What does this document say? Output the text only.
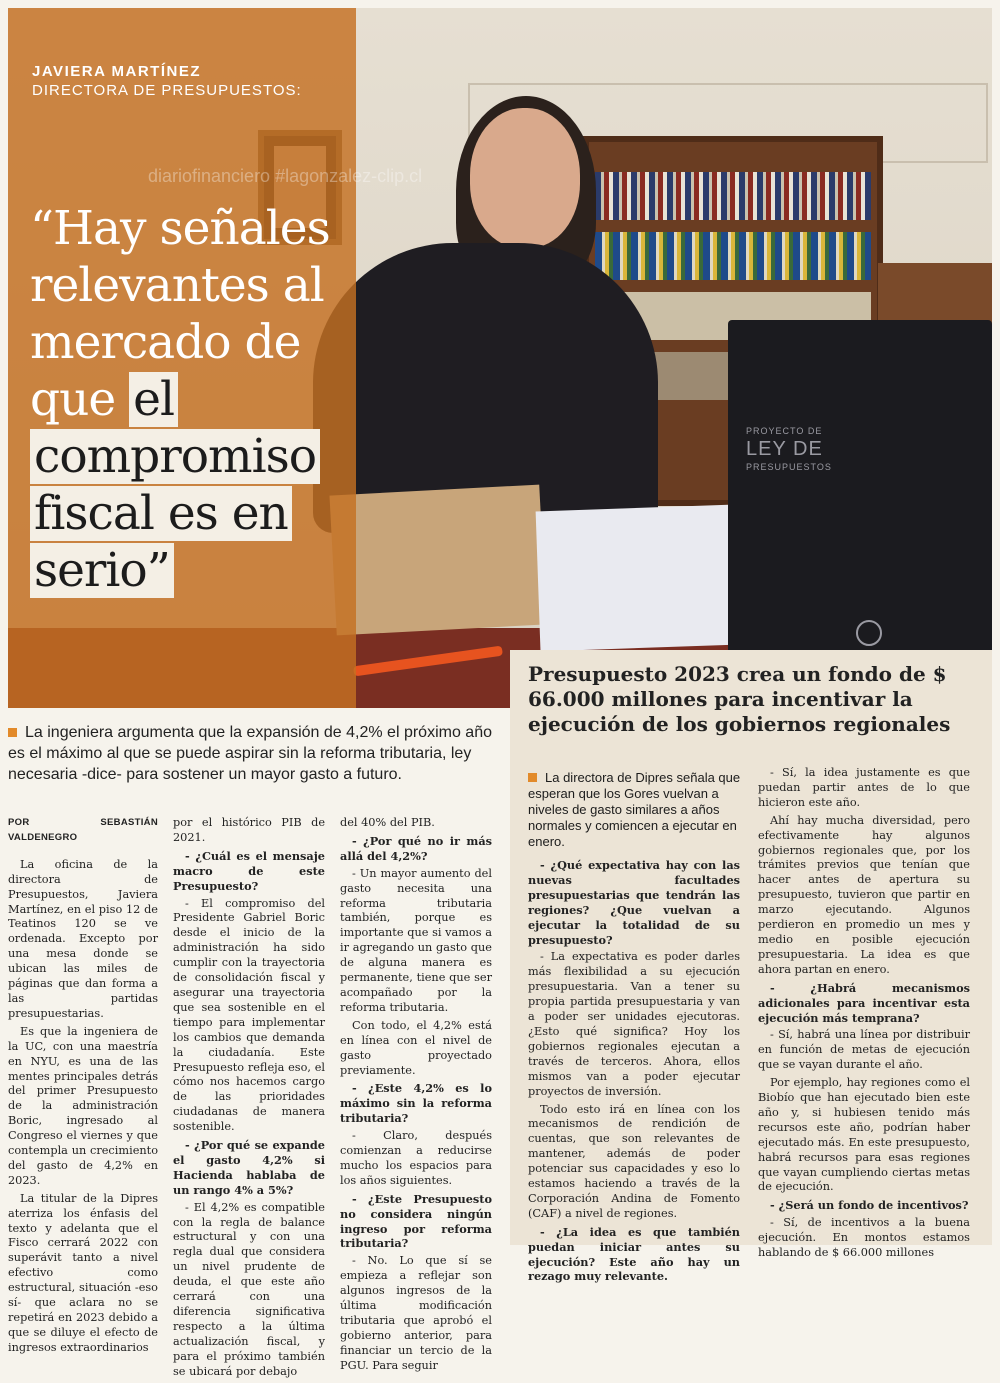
PROYECTO DE
LEY DE
PRESUPUESTOS
diariofinanciero #lagonzalez-clip.cl
JAVIERA MARTÍNEZ
DIRECTORA DE PRESUPUESTOS:
“Hay señales relevantes al mercado de que el compromiso fiscal es en serio”
La ingeniera argumenta que la expansión de 4,2% el próximo año es el máximo al que se puede aspirar sin la reforma tributaria, ley necesaria -dice- para sostener un mayor gasto a futuro.
POR SEBASTIÁN VALDENEGRO

La oficina de la directora de Presupuestos, Javiera Martínez, en el piso 12 de Teatinos 120 se ve ordenada. Excepto por una mesa donde se ubican las miles de páginas que dan forma a las partidas presupuestarias.

Es que la ingeniera de la UC, con una maestría en NYU, es una de las mentes principales detrás del primer Presupuesto de la administración Boric, ingresado al Congreso el viernes y que contempla un crecimiento del gasto de 4,2% en 2023.

La titular de la Dipres aterriza los énfasis del texto y adelanta que el Fisco cerrará 2022 con superávit tanto a nivel efectivo como estructural, situación -eso sí- que aclara no se repetirá en 2023 debido a que se diluye el efecto de ingresos extraordinarios

por el histórico PIB de 2021.

- ¿Cuál es el mensaje macro de este Presupuesto?

- El compromiso del Presidente Gabriel Boric desde el inicio de la administración ha sido cumplir con la trayectoria de consolidación fiscal y asegurar una trayectoria que sea sostenible en el tiempo para implementar los cambios que demanda la ciudadanía. Este Presupuesto refleja eso, el cómo nos hacemos cargo de las prioridades ciudadanas de manera sostenible.

- ¿Por qué se expande el gasto 4,2% si Hacienda hablaba de un rango 4% a 5%?

- El 4,2% es compatible con la regla de balance estructural y con una regla dual que considera un nivel prudente de deuda, el que este año cerrará con una diferencia significativa respecto a la última actualización fiscal, y para el próximo también se ubicará por debajo

del 40% del PIB.

- ¿Por qué no ir más allá del 4,2%?

- Un mayor aumento del gasto necesita una reforma tributaria también, porque es importante que si vamos a ir agregando un gasto que de alguna manera es permanente, tiene que ser acompañado por la reforma tributaria.

Con todo, el 4,2% está en línea con el nivel de gasto proyectado previamente.

- ¿Este 4,2% es lo máximo sin la reforma tributaria?

- Claro, después comienzan a reducirse mucho los espacios para los años siguientes.

- ¿Este Presupuesto no considera ningún ingreso por reforma tributaria?

- No. Lo que sí se empieza a reflejar son algunos ingresos de la última modificación tributaria que aprobó el gobierno anterior, para financiar un tercio de la PGU. Para seguir

Presupuesto 2023 crea un fondo de $ 66.000 millones para incentivar la ejecución de los gobiernos regionales
La directora de Dipres señala que esperan que los Gores vuelvan a niveles de gasto similares a años normales y comiencen a ejecutar en enero.

- ¿Qué expectativa hay con las nuevas facultades presupuestarias que tendrán las regiones? ¿Que vuelvan a ejecutar la totalidad de su presupuesto?

- La expectativa es poder darles más flexibilidad a su ejecución presupuestaria. Van a tener su propia partida presupuestaria y van a poder ser unidades ejecutoras. ¿Esto qué significa? Hoy los gobiernos regionales ejecutan a través de terceros. Ahora, ellos mismos van a poder ejecutar proyectos de inversión.

Todo esto irá en línea con los mecanismos de rendición de cuentas, que son relevantes de mantener, además de poder potenciar sus capacidades y eso lo estamos haciendo a través de la Corporación Andina de Fomento (CAF) a nivel de regiones.

- ¿La idea es que también puedan iniciar antes su ejecución? Este año hay un rezago muy relevante.

- Sí, la idea justamente es que puedan partir antes de lo que hicieron este año.

Ahí hay mucha diversidad, pero efectivamente hay algunos gobiernos regionales que, por los trámites previos que tenían que hacer antes de apertura su presupuesto, tuvieron que partir en marzo ejecutando. Algunos perdieron en promedio un mes y medio en posible ejecución presupuestaria. La idea es que ahora partan en enero.

- ¿Habrá mecanismos adicionales para incentivar esta ejecución más temprana?

- Sí, habrá una línea por distribuir en función de metas de ejecución que se vayan durante el año.

Por ejemplo, hay regiones como el Biobío que han ejecutado bien este año y, si hubiesen tenido más recursos este año, podrían haber ejecutado más. En este presupuesto, habrá recursos para esas regiones que vayan cumpliendo ciertas metas de ejecución.

- ¿Será un fondo de incentivos?

- Sí, de incentivos a la buena ejecución. En montos estamos hablando de $ 66.000 millones
